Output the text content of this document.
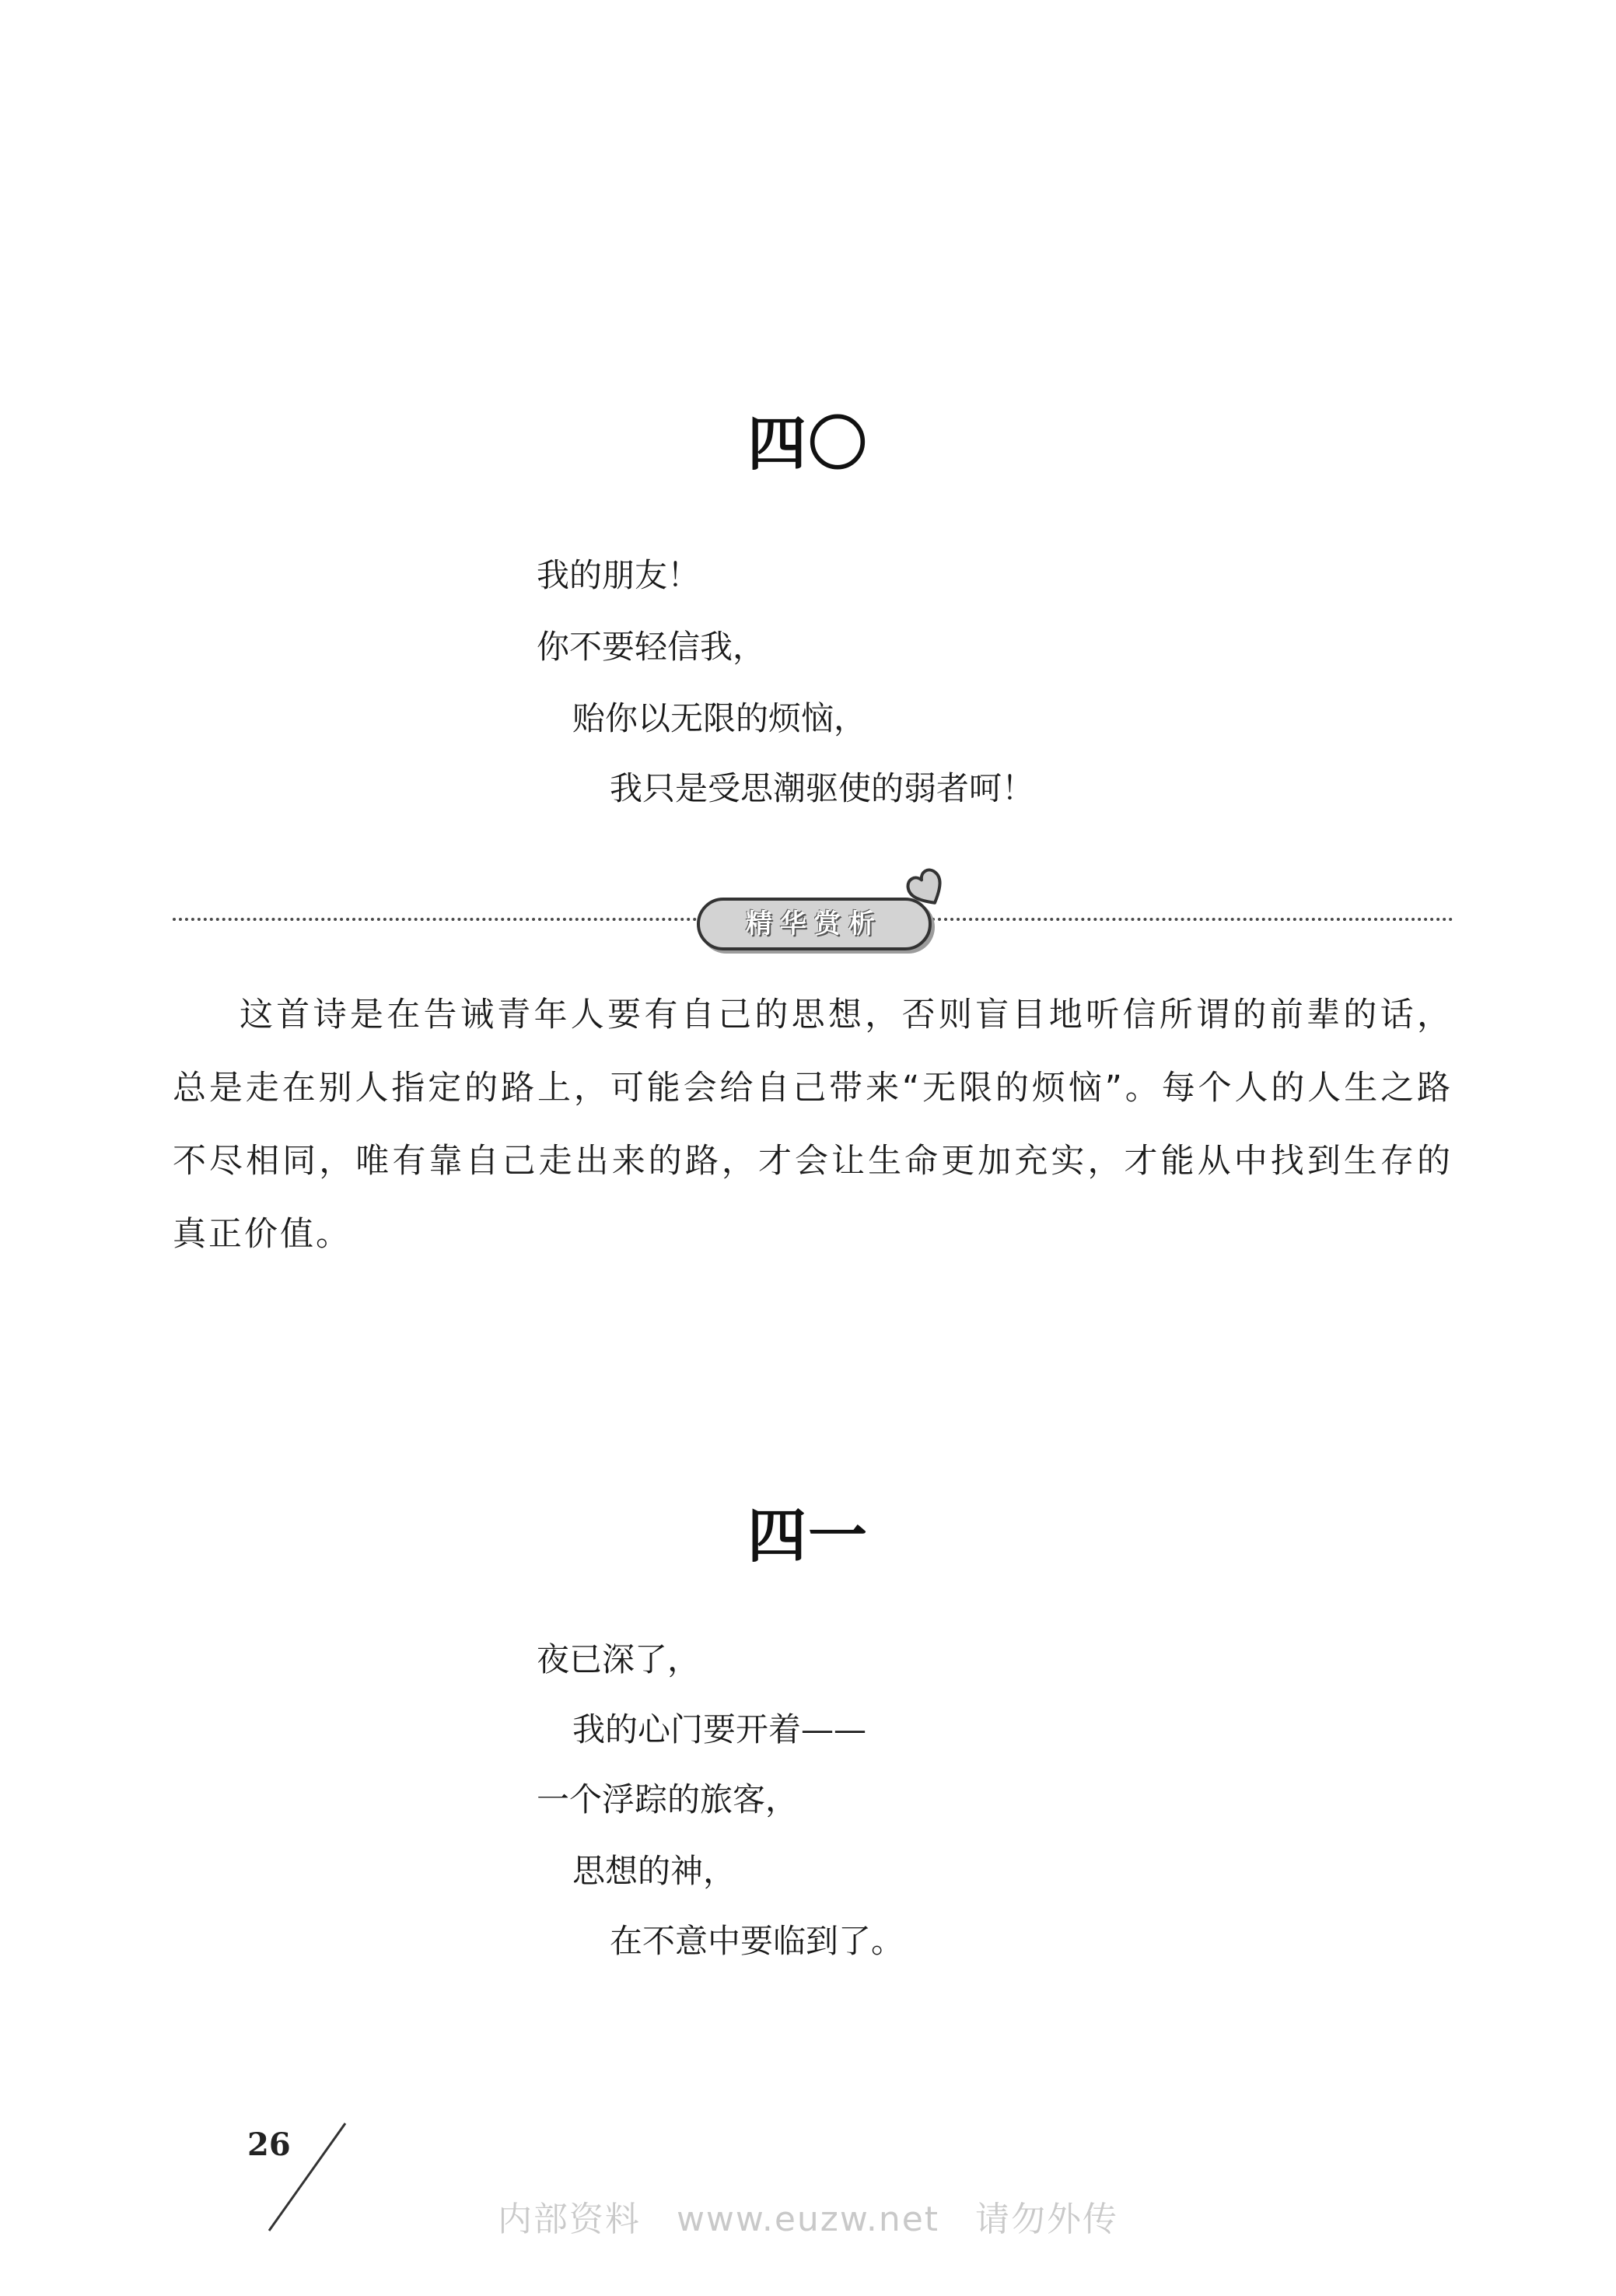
四〇
我的朋友！
你不要轻信我，
贻你以无限的烦恼，
我只是受思潮驱使的弱者呵！
精华赏析
这首诗是在告诫青年人要有自己的思想，否则盲目地听信所谓的前辈的话，总是走在别人指定的路上，可能会给自己带来“无限的烦恼”。每个人的人生之路不尽相同，唯有靠自己走出来的路，才会让生命更加充实，才能从中找到生存的真正价值。
四一
夜已深了，
我的心门要开着——
一个浮踪的旅客，
思想的神，
在不意中要临到了。
26
内部资料 www.euzw.net 请勿外传
